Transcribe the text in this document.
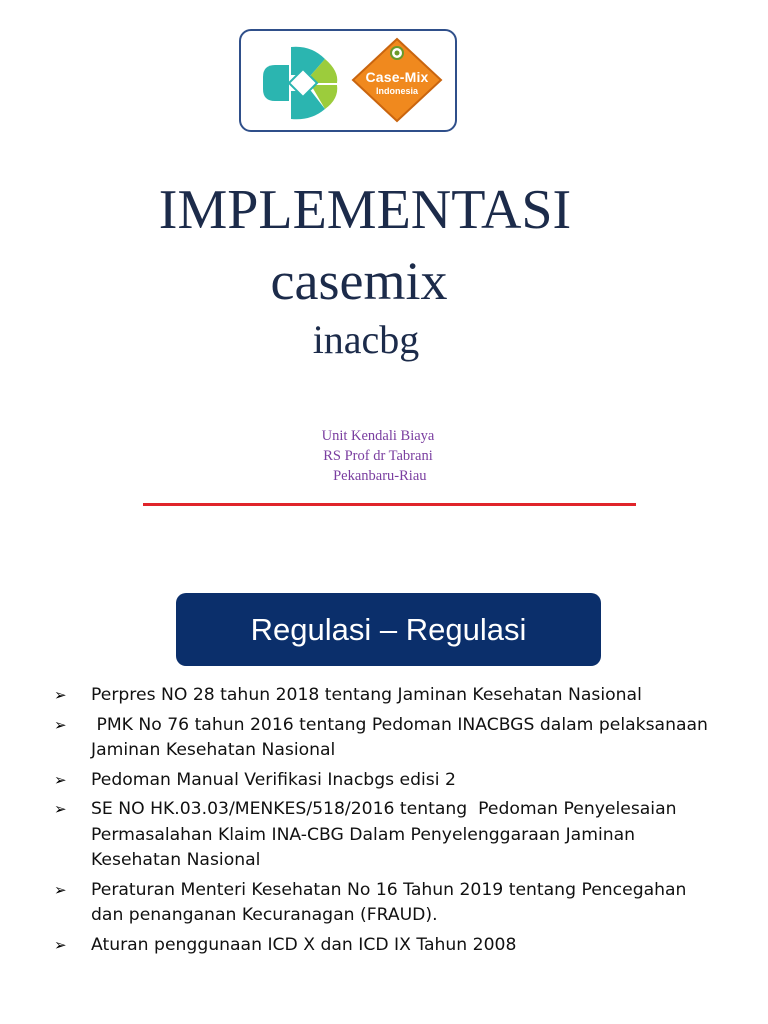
Case-Mix
Indonesia
IMPLEMENTASI
casemix
inacbg
Unit Kendali Biaya
RS Prof dr Tabrani
Pekanbaru-Riau
Regulasi – Regulasi
➢ Perpres NO 28 tahun 2018 tentang Jaminan Kesehatan Nasional
➢ PMK No 76 tahun 2016 tentang Pedoman INACBGS dalam pelaksanaan Jaminan Kesehatan Nasional
➢ Pedoman Manual Verifikasi Inacbgs edisi 2
➢ SE NO HK.03.03/MENKES/518/2016 tentang  Pedoman Penyelesaian Permasalahan Klaim INA-CBG Dalam Penyelenggaraan Jaminan Kesehatan Nasional
➢ Peraturan Menteri Kesehatan No 16 Tahun 2019 tentang Pencegahan dan penanganan Kecuranagan (FRAUD).
➢ Aturan penggunaan ICD X dan ICD IX Tahun 2008
